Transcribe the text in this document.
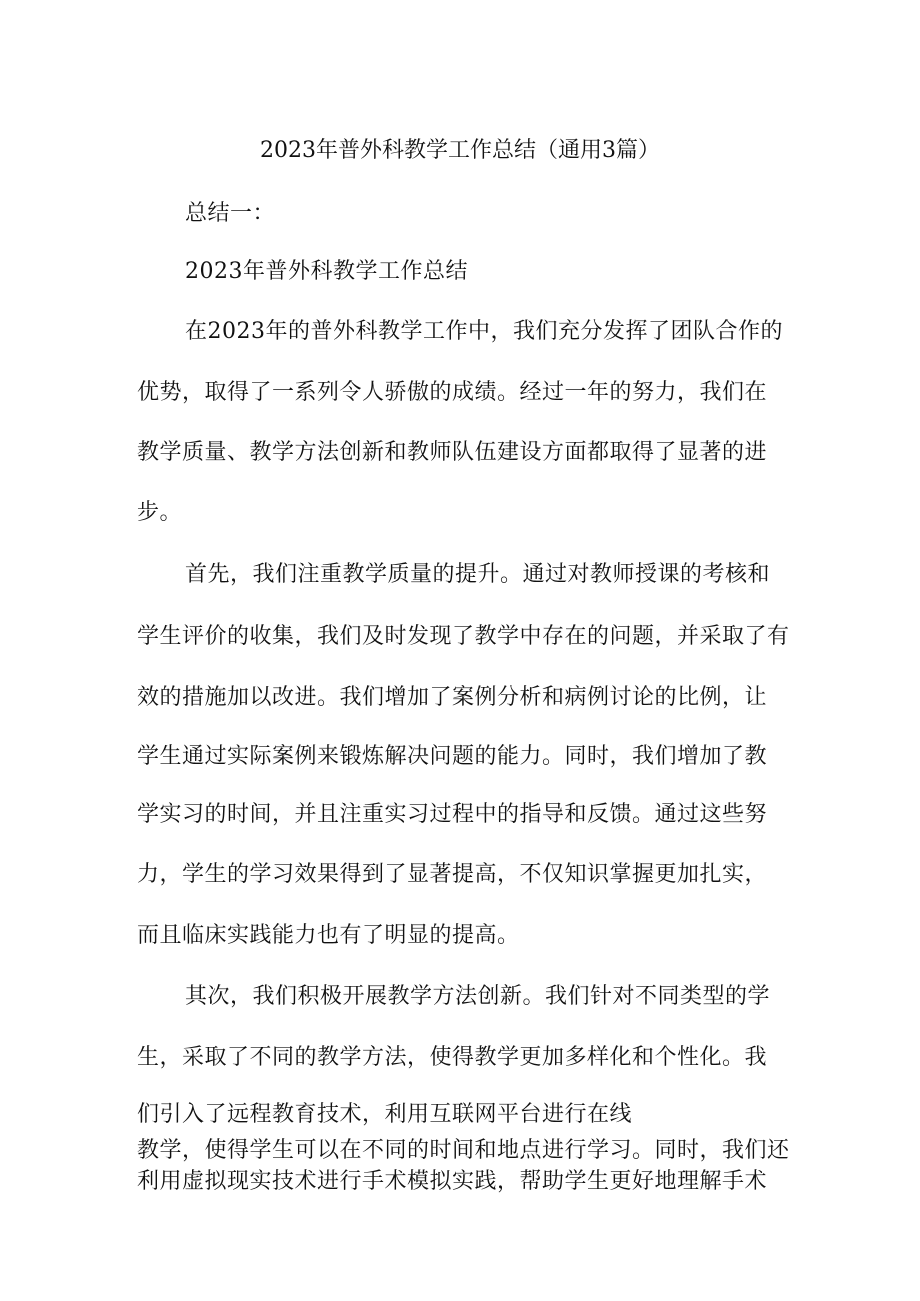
2023年普外科教学工作总结（通用3篇）
总结一：
2023年普外科教学工作总结
在2023年的普外科教学工作中，我们充分发挥了团队合作的
优势，取得了一系列令人骄傲的成绩。经过一年的努力，我们在
教学质量、教学方法创新和教师队伍建设方面都取得了显著的进
步。
首先，我们注重教学质量的提升。通过对教师授课的考核和
学生评价的收集，我们及时发现了教学中存在的问题，并采取了有
效的措施加以改进。我们增加了案例分析和病例讨论的比例，让
学生通过实际案例来锻炼解决问题的能力。同时，我们增加了教
学实习的时间，并且注重实习过程中的指导和反馈。通过这些努
力，学生的学习效果得到了显著提高，不仅知识掌握更加扎实，
而且临床实践能力也有了明显的提高。
其次，我们积极开展教学方法创新。我们针对不同类型的学
生，采取了不同的教学方法，使得教学更加多样化和个性化。我
们引入了远程教育技术，利用互联网平台进行在线
教学，使得学生可以在不同的时间和地点进行学习。同时，我们还
利用虚拟现实技术进行手术模拟实践，帮助学生更好地理解手术
